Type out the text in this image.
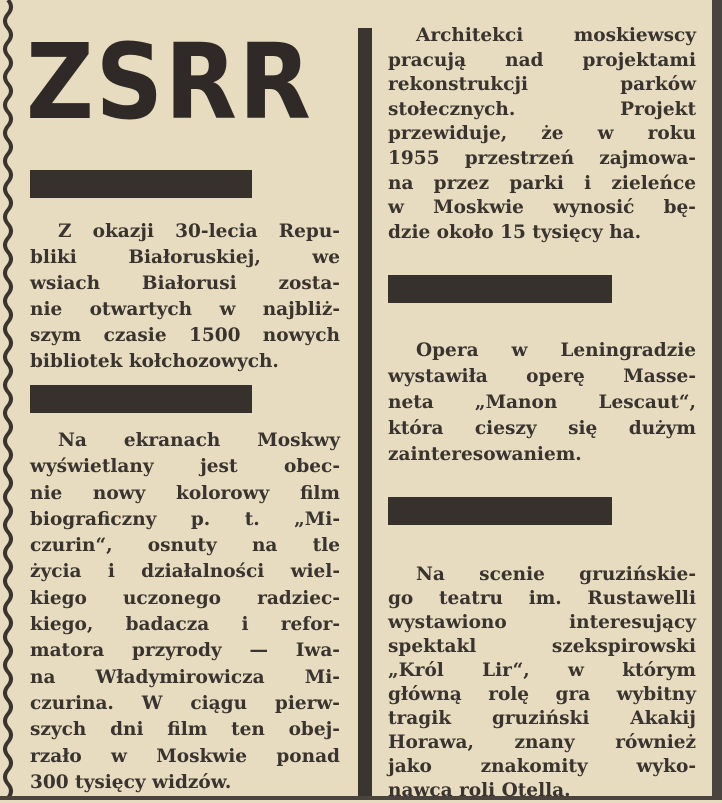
ZSRR
Z okazji 30-lecia Repu-
bliki Białoruskiej, we
wsiach Białorusi zosta-
nie otwartych w najbliż-
szym czasie 1500 nowych
bibliotek kołchozowych.
Na ekranach Moskwy
wyświetlany jest obec-
nie nowy kolorowy film
biograficzny p. t. „Mi-
czurin“, osnuty na tle
życia i działalności wiel-
kiego uczonego radziec-
kiego, badacza i refor-
matora przyrody — Iwa-
na Władymirowicza Mi-
czurina. W ciągu pierw-
szych dni film ten obej-
rzało w Moskwie ponad
300 tysięcy widzów.
Architekci moskiewscy
pracują nad projektami
rekonstrukcji parków
stołecznych. Projekt
przewiduje, że w roku
1955 przestrzeń zajmowa-
na przez parki i zieleńce
w Moskwie wynosić bę-
dzie około 15 tysięcy ha.
Opera w Leningradzie
wystawiła operę Masse-
neta „Manon Lescaut“,
która cieszy się dużym
zainteresowaniem.
Na scenie gruzińskie-
go teatru im. Rustawelli
wystawiono interesujący
spektakl szekspirowski
„Król Lir“, w którym
główną rolę gra wybitny
tragik gruziński Akakij
Horawa, znany również
jako znakomity wyko-
nawca roli Otella.
